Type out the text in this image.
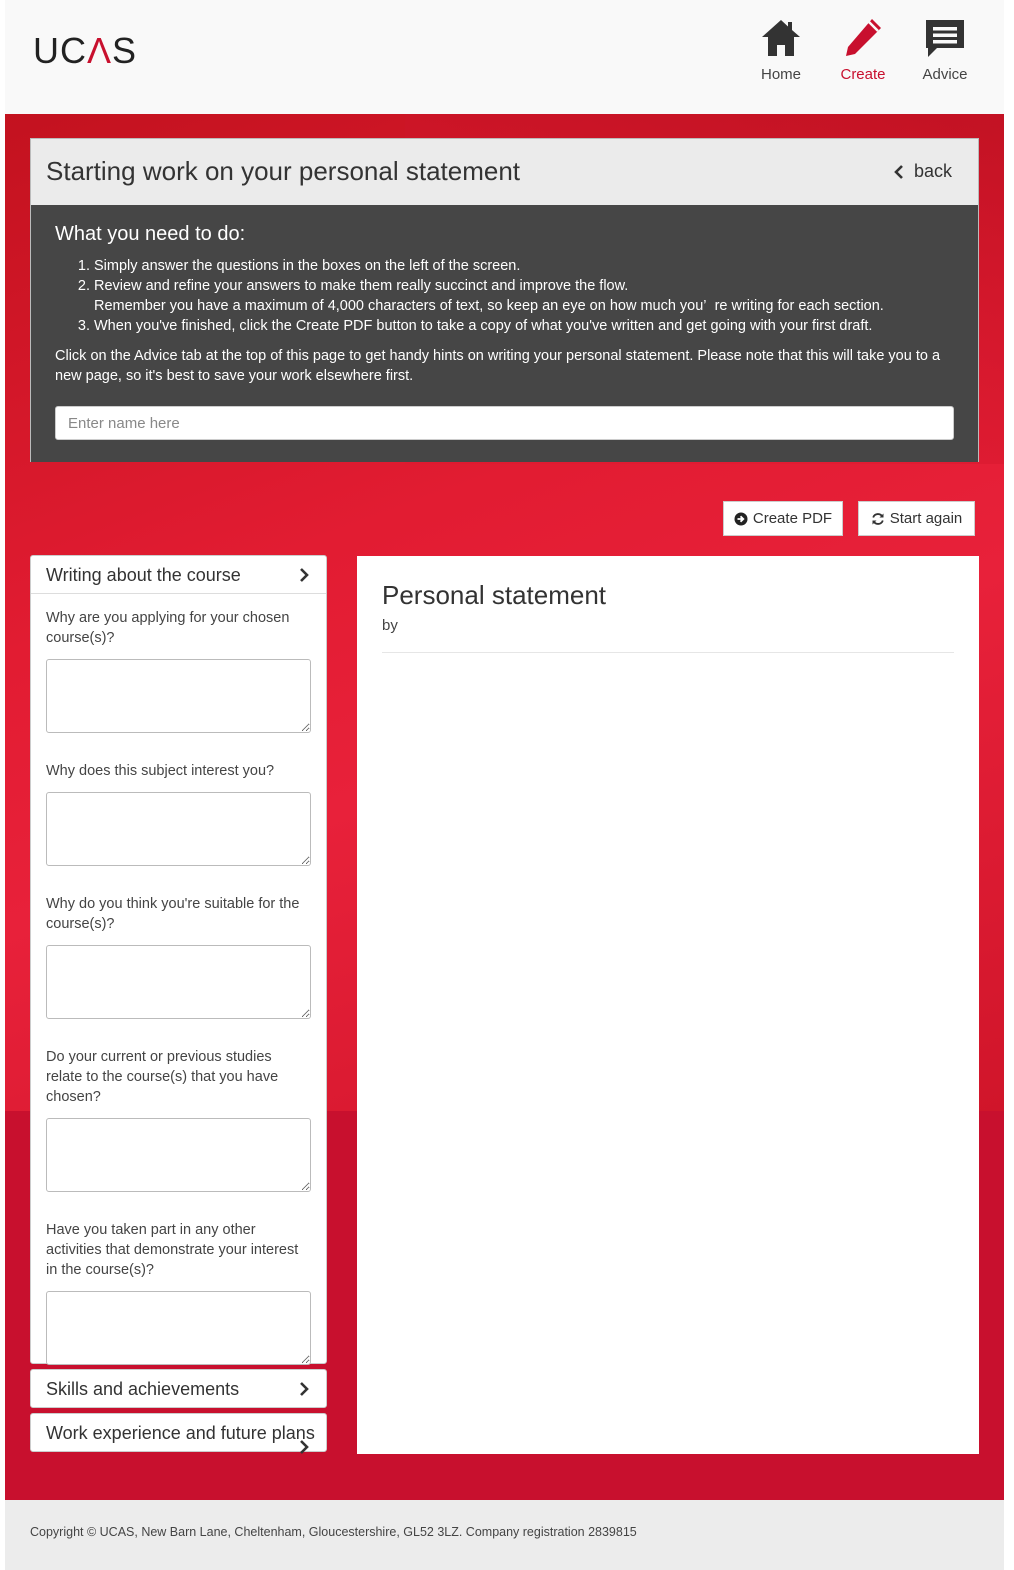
UCΛS
Home	Create	Advice
Starting work on your personal statement	back
What you need to do:
1. Simply answer the questions in the boxes on the left of the screen.
2. Review and refine your answers to make them really succinct and improve the flow.
Remember you have a maximum of 4,000 characters of text, so keep an eye on how much you’  re writing for each section.
3. When you've finished, click the Create PDF button to take a copy of what you've written and get going with your first draft.
Click on the Advice tab at the top of this page to get handy hints on writing your personal statement. Please note that this will take you to a new page, so it's best to save your work elsewhere first.
Enter name here
Create PDF	Start again
Writing about the course
Why are you applying for your chosen course(s)?
Why does this subject interest you?
Why do you think you're suitable for the course(s)?
Do your current or previous studies relate to the course(s) that you have chosen?
Have you taken part in any other activities that demonstrate your interest in the course(s)?
Skills and achievements
Work experience and future plans
Personal statement
by
Copyright © UCAS, New Barn Lane, Cheltenham, Gloucestershire, GL52 3LZ. Company registration 2839815
